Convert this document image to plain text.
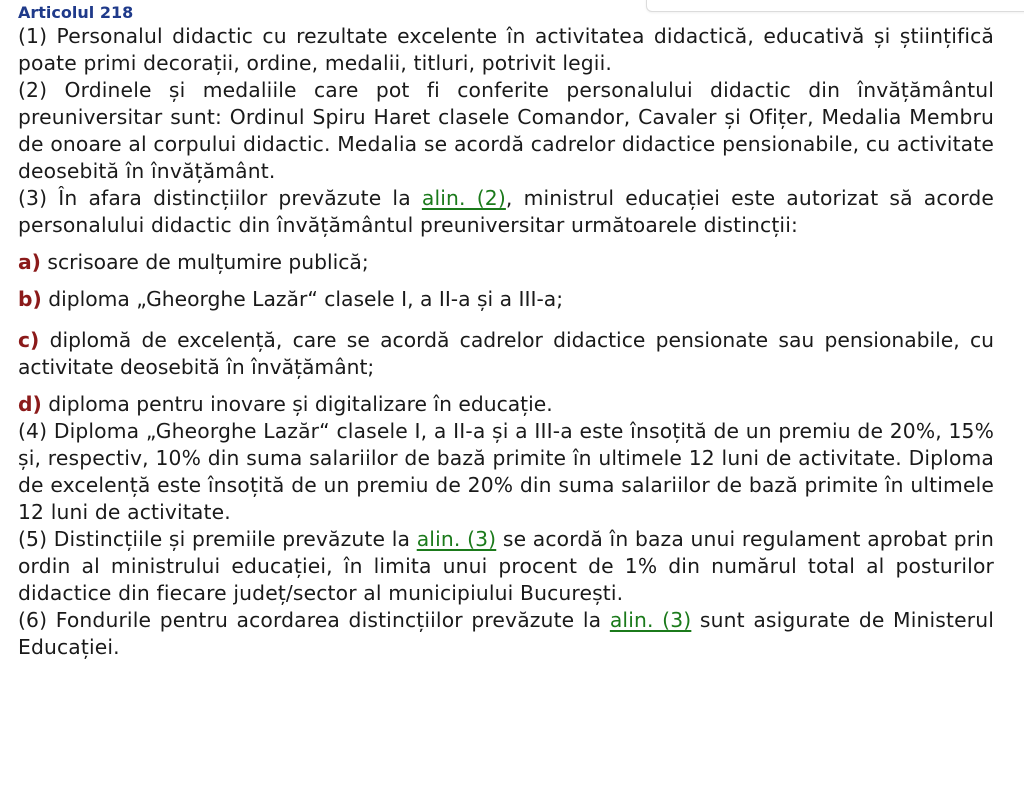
Articolul 218

(1) Personalul didactic cu rezultate excelente în activitatea didactică, educativă și științifică poate primi decorații, ordine, medalii, titluri, potrivit legii.

(2) Ordinele și medaliile care pot fi conferite personalului didactic din învățământul preuniversitar sunt: Ordinul Spiru Haret clasele Comandor, Cavaler și Ofițer, Medalia Membru de onoare al corpului didactic. Medalia se acordă cadrelor didactice pensionabile, cu activitate deosebită în învățământ.

(3) În afara distincțiilor prevăzute la alin. (2), ministrul educației este autorizat să acorde personalului didactic din învățământul preuniversitar următoarele distincții:

a) scrisoare de mulțumire publică;

b) diploma „Gheorghe Lazăr“ clasele I, a II-a și a III-a;

c) diplomă de excelență, care se acordă cadrelor didactice pensionate sau pensionabile, cu activitate deosebită în învățământ;

d) diploma pentru inovare și digitalizare în educație.

(4) Diploma „Gheorghe Lazăr“ clasele I, a II-a și a III-a este însoțită de un premiu de 20%, 15% și, respectiv, 10% din suma salariilor de bază primite în ultimele 12 luni de activitate. Diploma de excelență este însoțită de un premiu de 20% din suma salariilor de bază primite în ultimele 12 luni de activitate.

(5) Distincțiile și premiile prevăzute la alin. (3) se acordă în baza unui regulament aprobat prin ordin al ministrului educației, în limita unui procent de 1% din numărul total al posturilor didactice din fiecare județ/sector al municipiului București.

(6) Fondurile pentru acordarea distincțiilor prevăzute la alin. (3) sunt asigurate de Ministerul Educației.
